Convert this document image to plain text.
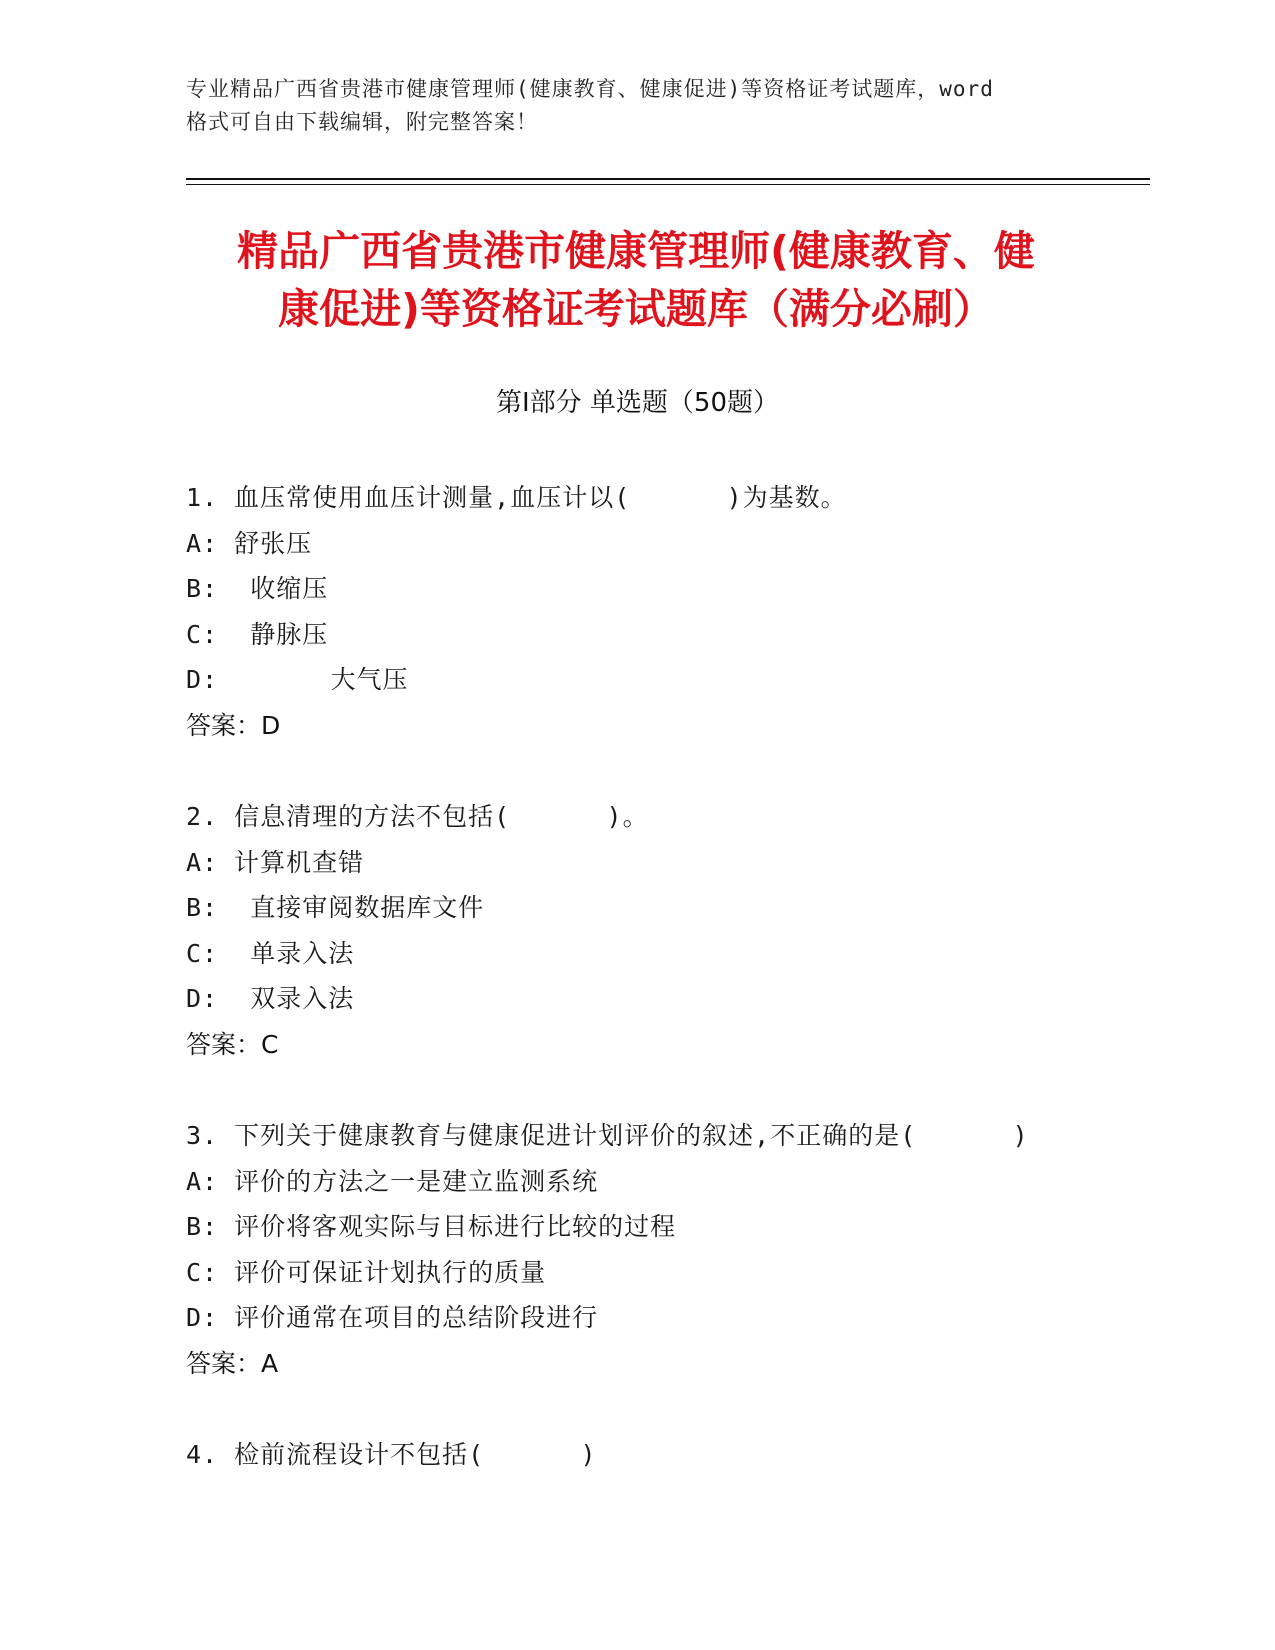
专业精品广西省贵港市健康管理师(健康教育、健康促进)等资格证考试题库，word
格式可自由下载编辑，附完整答案！
精品广西省贵港市健康管理师(健康教育、健
康促进)等资格证考试题库（满分必刷）
第Ⅰ部分 单选题（50题）
1. 血压常使用血压计测量,血压计以(      )为基数。
A: 舒张压
B:  收缩压
C:  静脉压
D:       大气压
答案：D
2. 信息清理的方法不包括(      )。
A: 计算机查错
B:  直接审阅数据库文件
C:  单录入法
D:  双录入法
答案：C
3. 下列关于健康教育与健康促进计划评价的叙述,不正确的是(      )
A: 评价的方法之一是建立监测系统
B: 评价将客观实际与目标进行比较的过程
C: 评价可保证计划执行的质量
D: 评价通常在项目的总结阶段进行
答案：A
4. 检前流程设计不包括(      )
